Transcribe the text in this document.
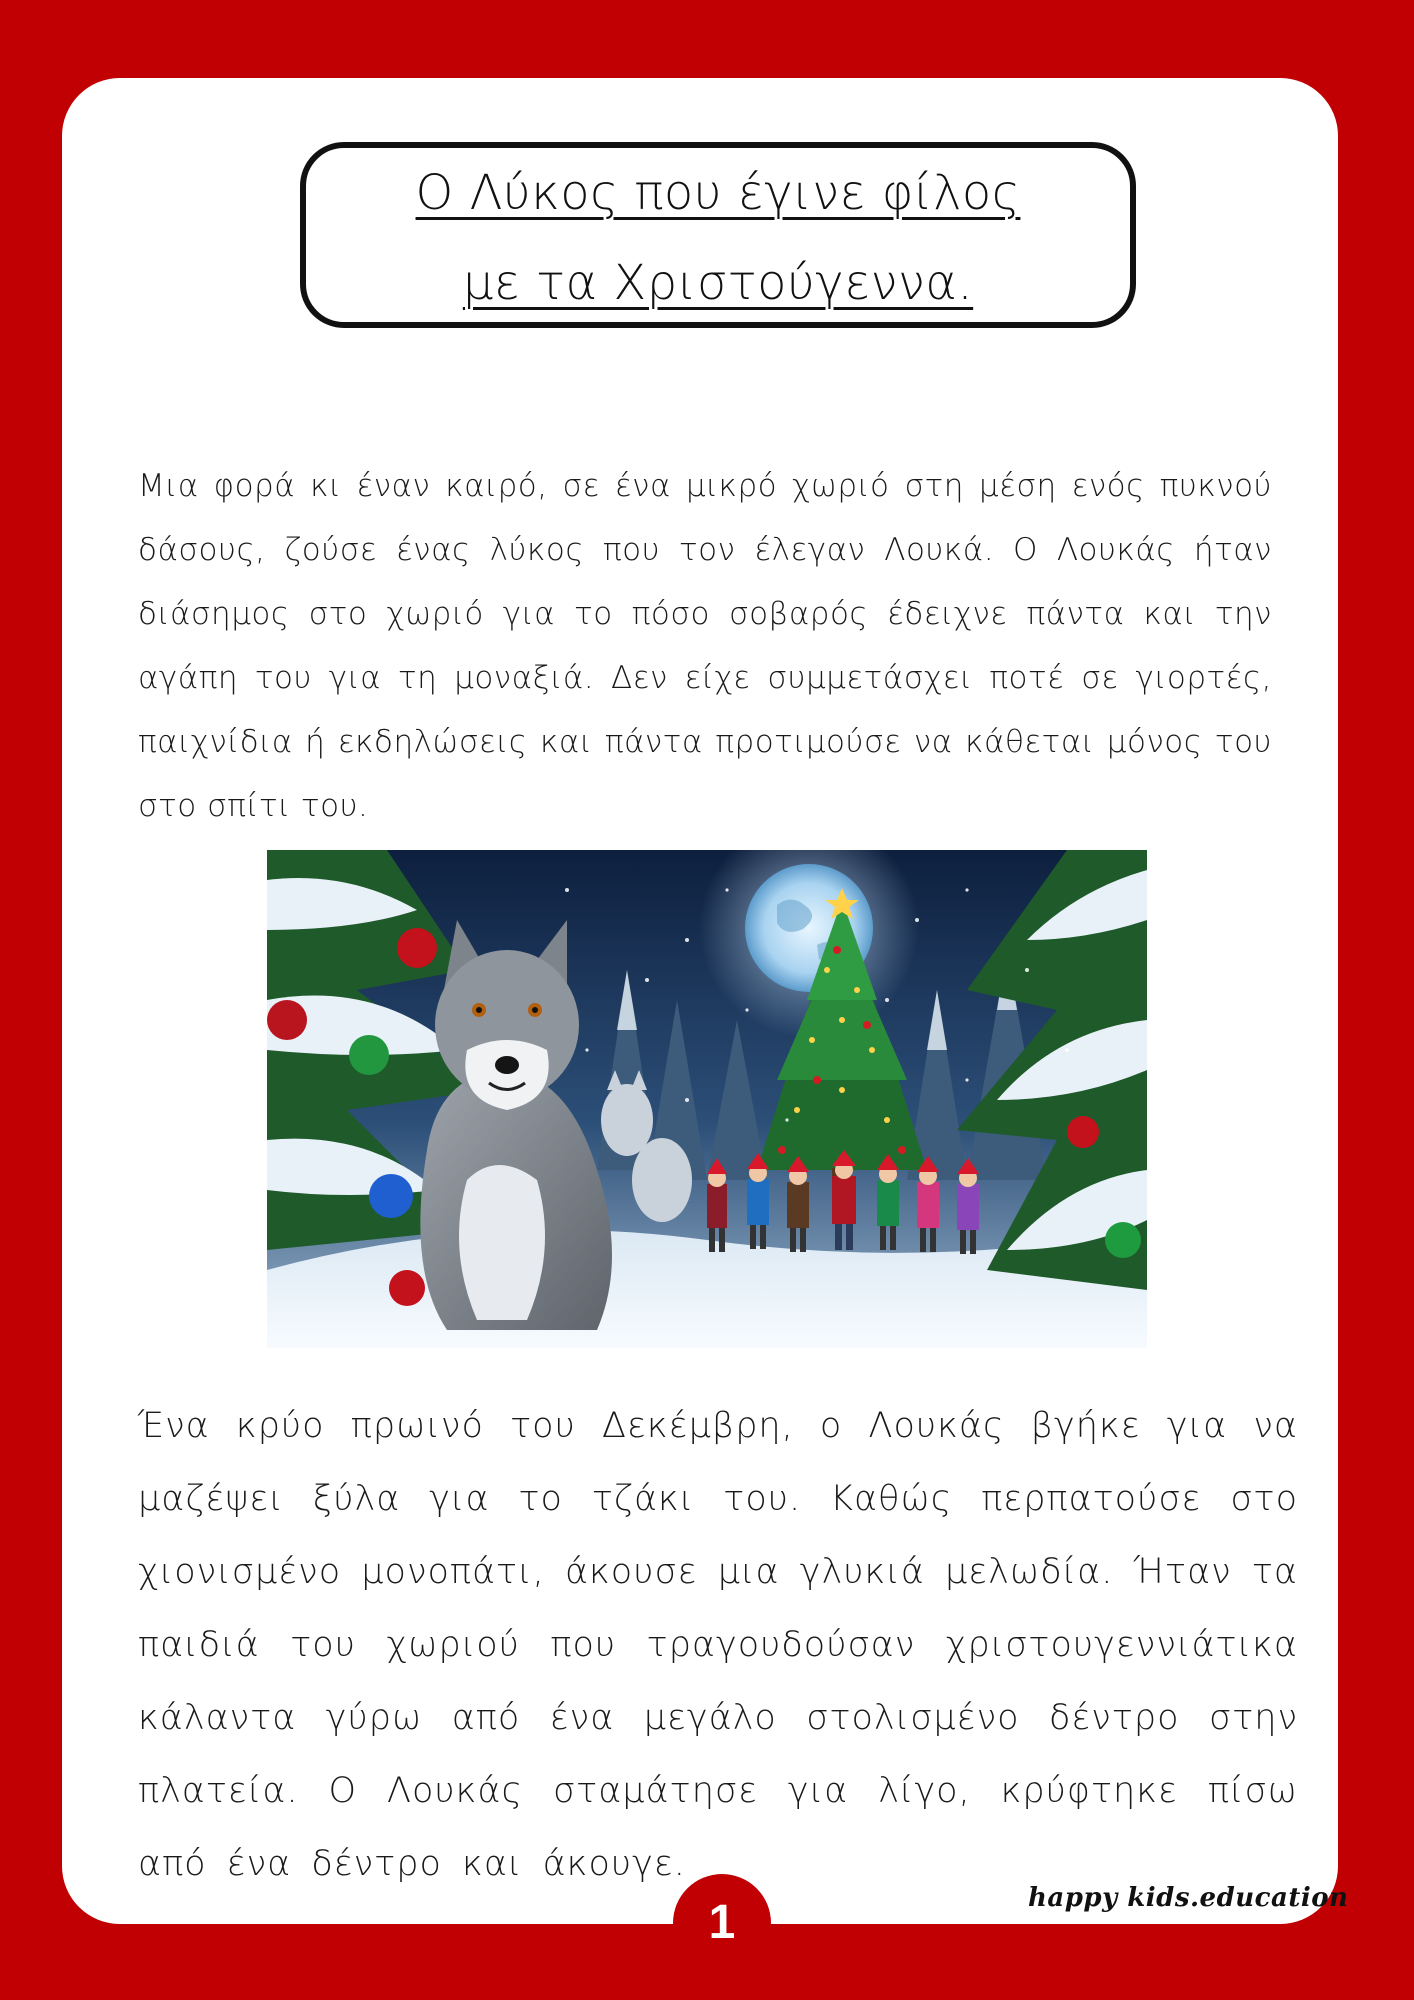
Ο Λύκος που έγινε φίλος
με τα Χριστούγεννα.
Μια φορά κι έναν καιρό, σε ένα μικρό χωριό στη μέση ενός πυκνού δάσους, ζούσε ένας λύκος που τον έλεγαν Λουκά. Ο Λουκάς ήταν διάσημος στο χωριό για το πόσο σοβαρός έδειχνε πάντα και την αγάπη του για τη μοναξιά. Δεν είχε συμμετάσχει ποτέ σε γιορτές, παιχνίδια ή εκδηλώσεις και πάντα προτιμούσε να κάθεται μόνος του στο σπίτι του.
Ένα κρύο πρωινό του Δεκέμβρη, ο Λουκάς βγήκε για να μαζέψει ξύλα για το τζάκι του. Καθώς περπατούσε στο χιονισμένο μονοπάτι, άκουσε μια γλυκιά μελωδία. Ήταν τα παιδιά του χωριού που τραγουδούσαν χριστουγεννιάτικα κάλαντα γύρω από ένα μεγάλο στολισμένο δέντρο στην πλατεία. Ο Λουκάς σταμάτησε για λίγο, κρύφτηκε πίσω από ένα δέντρο και άκουγε.
1	happy kids.education
